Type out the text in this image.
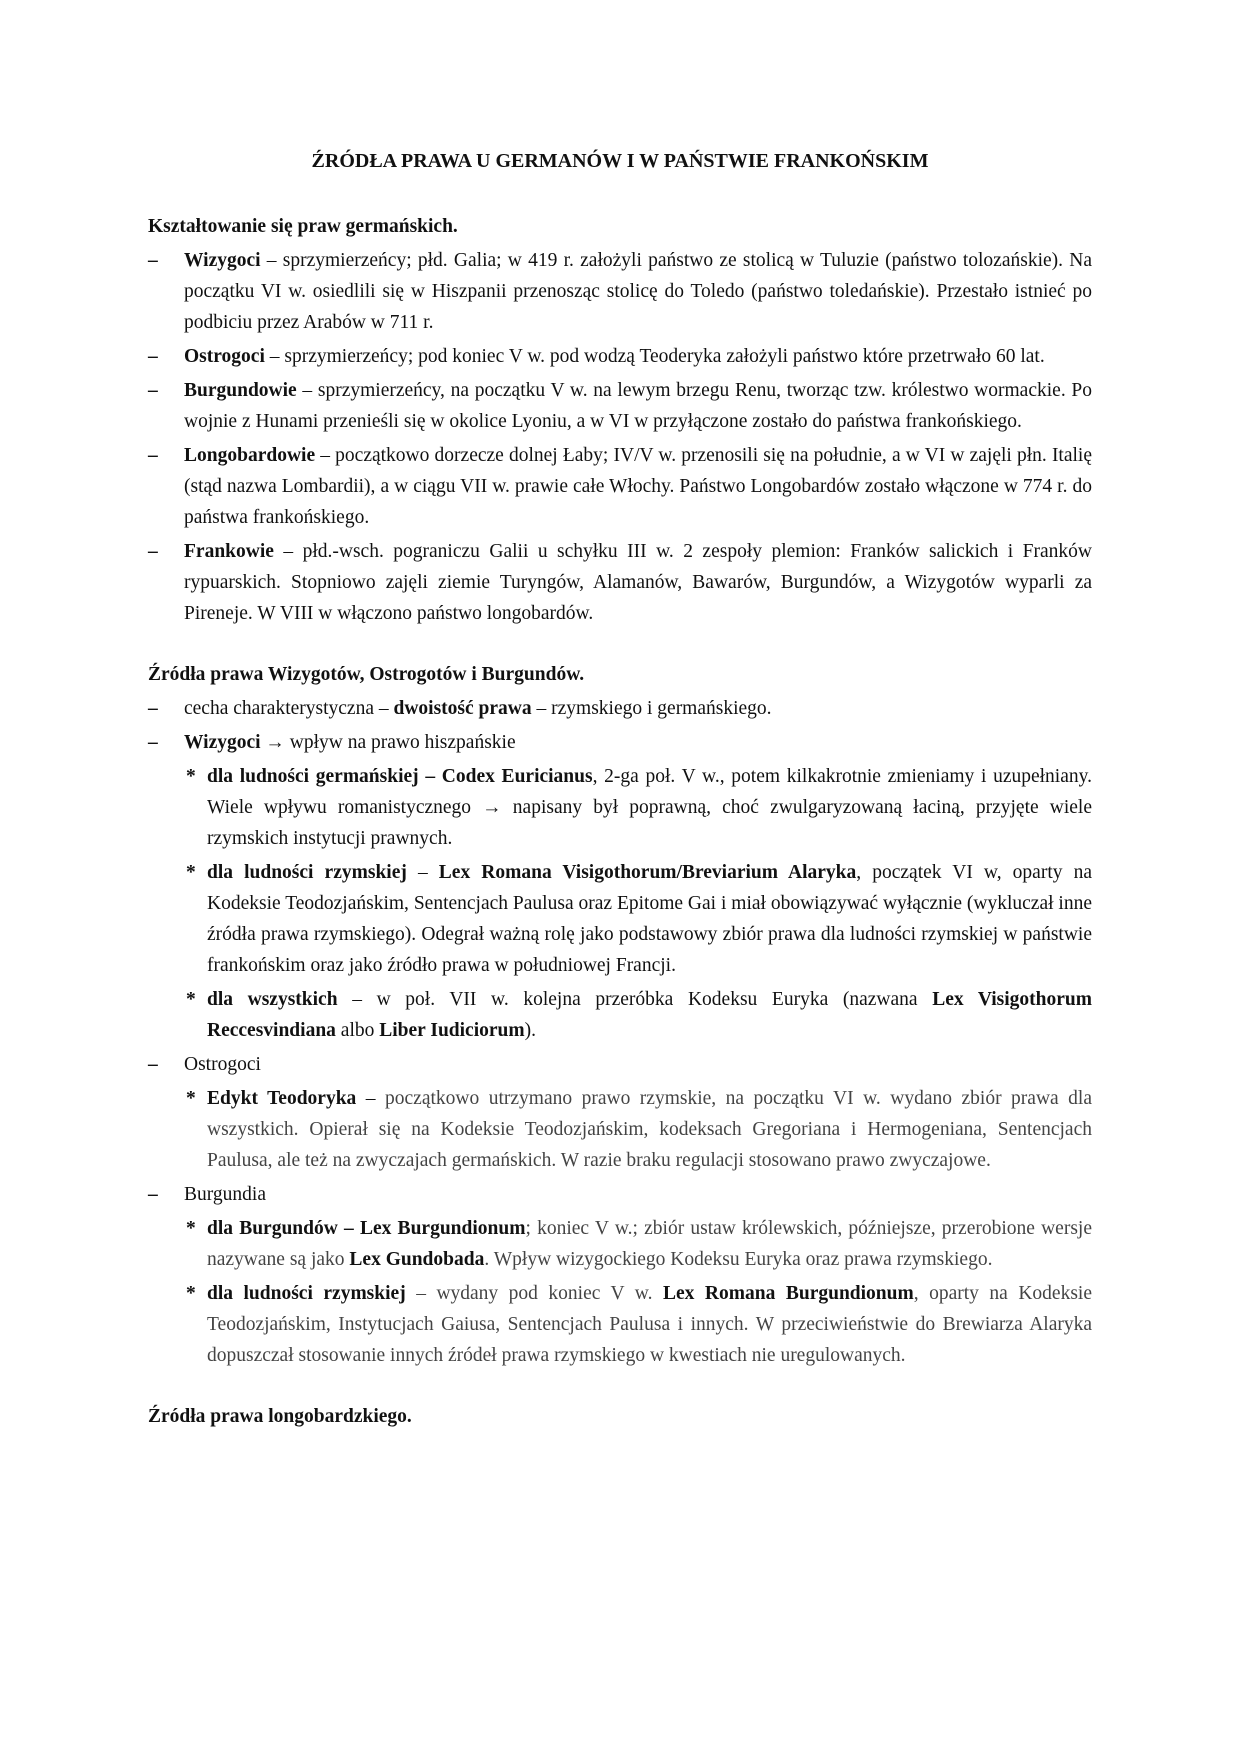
ŹRÓDŁA PRAWA U GERMANÓW I W PAŃSTWIE FRANKOŃSKIM
Kształtowanie się praw germańskich.
– Wizygoci – sprzymierzeńcy; płd. Galia; w 419 r. założyli państwo ze stolicą w Tuluzie (państwo tolozańskie). Na początku VI w. osiedlili się w Hiszpanii przenosząc stolicę do Toledo (państwo toledańskie). Przestało istnieć po podbiciu przez Arabów w 711 r.
– Ostrogoci – sprzymierzeńcy; pod koniec V w. pod wodzą Teoderyka założyli państwo które przetrwało 60 lat.
– Burgundowie – sprzymierzeńcy, na początku V w. na lewym brzegu Renu, tworząc tzw. królestwo wormackie. Po wojnie z Hunami przenieśli się w okolice Lyoniu, a w VI w przyłączone zostało do państwa frankońskiego.
– Longobardowie – początkowo dorzecze dolnej Łaby; IV/V w. przenosili się na południe, a w VI w zajęli płn. Italię (stąd nazwa Lombardii), a w ciągu VII w. prawie całe Włochy. Państwo Longobardów zostało włączone w 774 r. do państwa frankońskiego.
– Frankowie – płd.-wsch. pograniczu Galii u schyłku III w. 2 zespoły plemion: Franków salickich i Franków rypuarskich. Stopniowo zajęli ziemie Turyngów, Alamanów, Bawarów, Burgundów, a Wizygotów wyparli za Pireneje. W VIII w włączono państwo longobardów.
Źródła prawa Wizygotów, Ostrogotów i Burgundów.
– cecha charakterystyczna – dwoistość prawa – rzymskiego i germańskiego.
– Wizygoci → wpływ na prawo hiszpańskie
* dla ludności germańskiej – Codex Euricianus, 2-ga poł. V w., potem kilkakrotnie zmieniamy i uzupełniany. Wiele wpływu romanistycznego → napisany był poprawną, choć zwulgaryzowaną łaciną, przyjęte wiele rzymskich instytucji prawnych.
* dla ludności rzymskiej – Lex Romana Visigothorum/Breviarium Alaryka, początek VI w, oparty na Kodeksie Teodozjańskim, Sentencjach Paulusa oraz Epitome Gai i miał obowiązywać wyłącznie (wykluczał inne źródła prawa rzymskiego). Odegrał ważną rolę jako podstawowy zbiór prawa dla ludności rzymskiej w państwie frankońskim oraz jako źródło prawa w południowej Francji.
* dla wszystkich – w poł. VII w. kolejna przeróbka Kodeksu Euryka (nazwana Lex Visigothorum Reccesvindiana albo Liber Iudiciorum).
– Ostrogoci
* Edykt Teodoryka – początkowo utrzymano prawo rzymskie, na początku VI w. wydano zbiór prawa dla wszystkich. Opierał się na Kodeksie Teodozjańskim, kodeksach Gregoriana i Hermogeniana, Sentencjach Paulusa, ale też na zwyczajach germańskich. W razie braku regulacji stosowano prawo zwyczajowe.
– Burgundia
* dla Burgundów – Lex Burgundionum; koniec V w.; zbiór ustaw królewskich, późniejsze, przerobione wersje nazywane są jako Lex Gundobada. Wpływ wizygockiego Kodeksu Euryka oraz prawa rzymskiego.
* dla ludności rzymskiej – wydany pod koniec V w. Lex Romana Burgundionum, oparty na Kodeksie Teodozjańskim, Instytucjach Gaiusa, Sentencjach Paulusa i innych. W przeciwieństwie do Brewiarza Alaryka dopuszczał stosowanie innych źródeł prawa rzymskiego w kwestiach nie uregulowanych.
Źródła prawa longobardzkiego.
